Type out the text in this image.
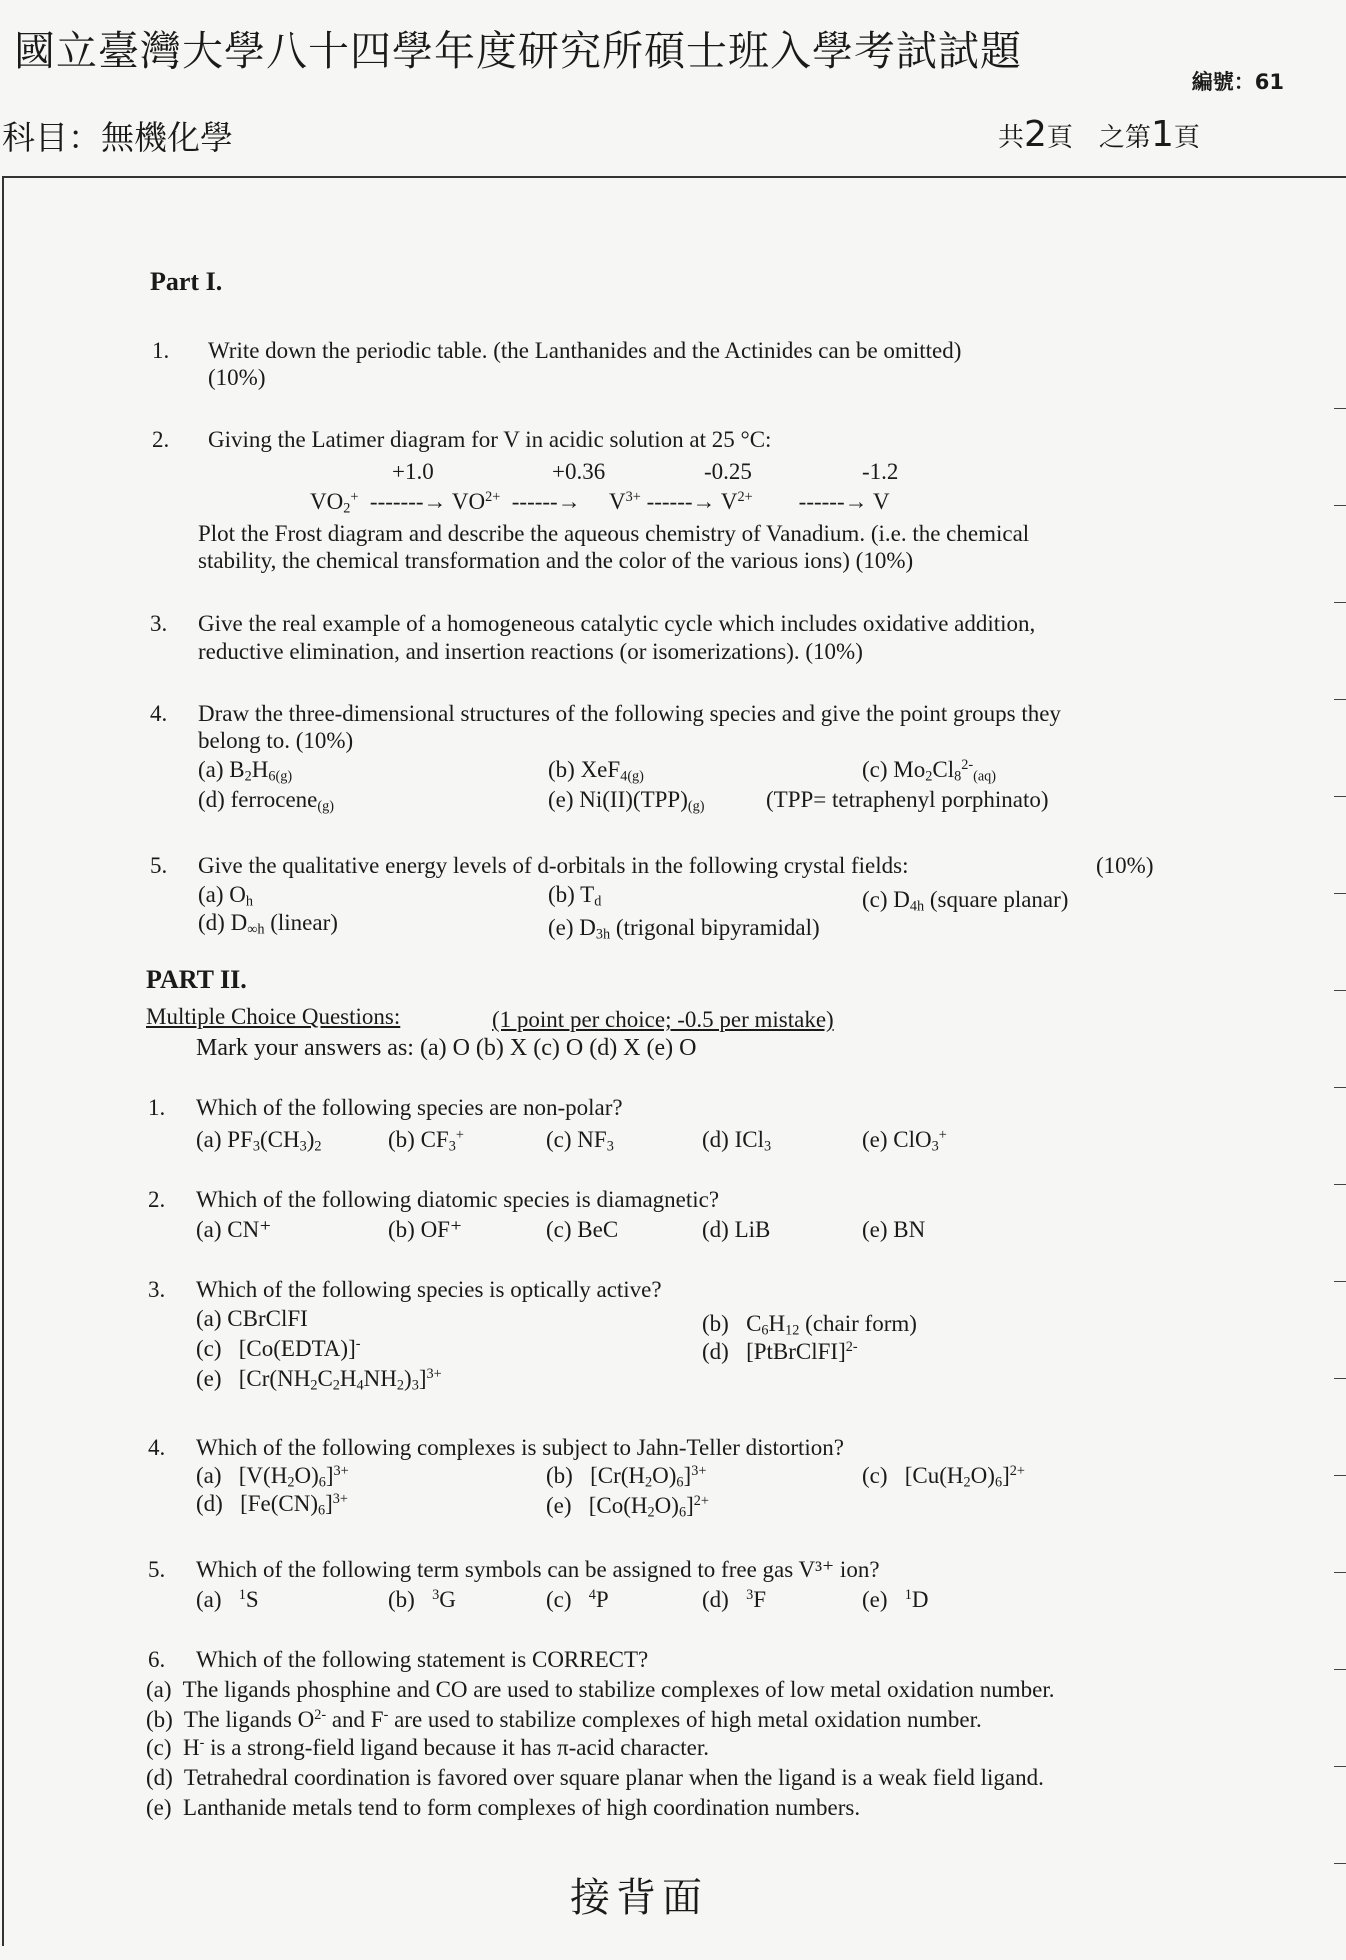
國立臺灣大學八十四學年度研究所碩士班入學考試試題
編號：61
科目：無機化學	共2頁　之第1頁
Part I.
1. Write down the periodic table. (the Lanthanides and the Actinides can be omitted)
(10%)
2. Giving the Latimer diagram for V in acidic solution at 25 °C:
+1.0	+0.36	-0.25	-1.2
$VO_2^+$  -------→ $VO^{2+}$  ------→     $V^{3+}$ ------→ $V^{2+}$        ------→ V
Plot the Frost diagram and describe the aqueous chemistry of Vanadium. (i.e. the chemical
stability, the chemical transformation and the color of the various ions) (10%)
3. Give the real example of a homogeneous catalytic cycle which includes oxidative addition,
reductive elimination, and insertion reactions (or isomerizations). (10%)
4. Draw the three-dimensional structures of the following species and give the point groups they
belong to. (10%)
(a) $B_2H_{6(g)}$	(b) XeF$_{4(g)}$	(c) $Mo_2Cl_8^{2-}_{(aq)}$
(d) ferrocene$_{(g)}$	(e) $Ni(II)(TPP)_{(g)}$	(TPP= tetraphenyl porphinato)
5. Give the qualitative energy levels of d-orbitals in the following crystal fields:	(10%)
(a) $O_h$	(b) $T_d$	(c) $D_{4h}$ (square planar)
(d) $D_{\infty h}$ (linear)	(e) $D_{3h}$ (trigonal bipyramidal)
PART II.
Multiple Choice Questions:	(1 point per choice; -0.5 per mistake)
Mark your answers as: (a) O (b) X (c) O (d) X (e) O
1. Which of the following species are non-polar?
(a) $PF_3(CH_3)_2$	(b) $CF_3^+$	(c) $NF_3$	(d) ICl$_3$	(e) ClO$_3$+
2. Which of the following diatomic species is diamagnetic?
(a) CN⁺	(b) OF⁺	(c) BeC	(d) LiB	(e) BN
3. Which of the following species is optically active?
(a) CBrClFI	(b)   $C_6H_{12}$ (chair form)
(c)   [Co(EDTA)]-	(d)   [PtBrClFI]$^{2-}$
(e)   $[Cr(NH_2C_2H_4NH_2)_3]^{3+}$
4. Which of the following complexes is subject to Jahn-Teller distortion?
(a)   $[V(H_2O)_6]^{3+}$	(b)   $[Cr(H_2O)_6]^{3+}$	(c)   $[Cu(H_2O)_6]^{2+}$
(d)   $[Fe(CN)_6]^{3+}$	(e)   $[Co(H_2O)_6]^{2+}$
5. Which of the following term symbols can be assigned to free gas V³⁺ ion?
(a)   $^1$S	(b)   $^3$G	(c)   $^4$P	(d)   $^3$F	(e)   $^1$D
6. Which of the following statement is CORRECT?
(a)  The ligands phosphine and CO are used to stabilize complexes of low metal oxidation number.
(b)  The ligands $O^{2-}$ and F- are used to stabilize complexes of high metal oxidation number.
(c)  H- is a strong-field ligand because it has π-acid character.
(d)  Tetrahedral coordination is favored over square planar when the ligand is a weak field ligand.
(e)  Lanthanide metals tend to form complexes of high coordination numbers.
接背面
